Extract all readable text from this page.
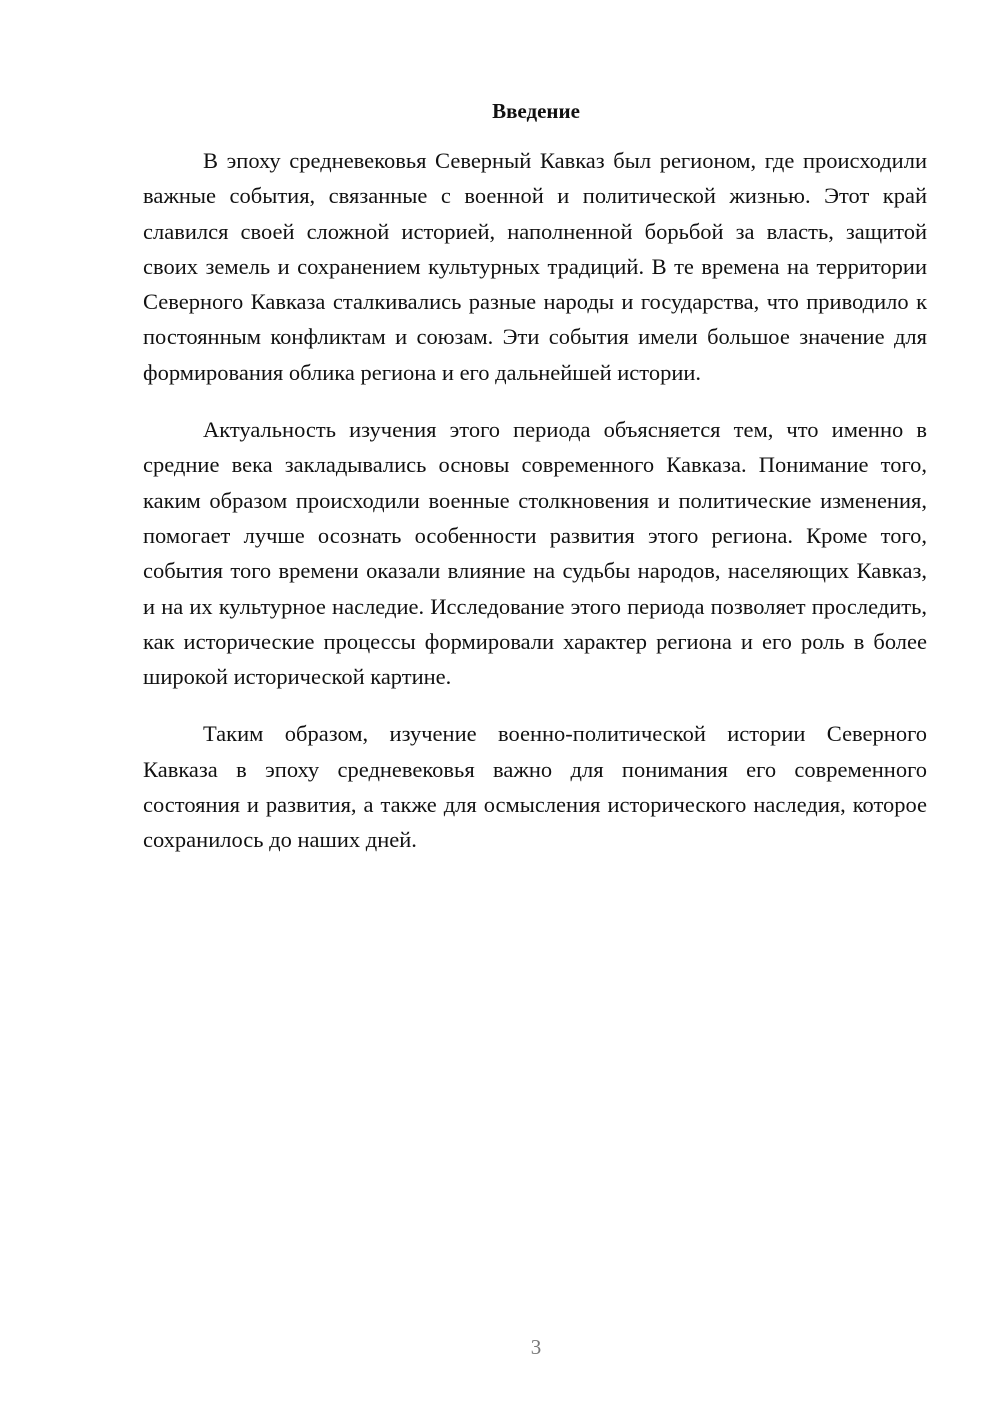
Введение

В эпоху средневековья Северный Кавказ был регионом, где происходили важные события, связанные с военной и политической жизнью. Этот край славился своей сложной историей, наполненной борьбой за власть, защитой своих земель и сохранением культурных традиций. В те времена на территории Северного Кавказа сталкивались разные народы и государства, что приводило к постоянным конфликтам и союзам. Эти события имели большое значение для формирования облика региона и его дальнейшей истории.

Актуальность изучения этого периода объясняется тем, что именно в средние века закладывались основы современного Кавказа. Понимание того, каким образом происходили военные столкновения и политические изменения, помогает лучше осознать особенности развития этого региона. Кроме того, события того времени оказали влияние на судьбы народов, населяющих Кавказ, и на их культурное наследие. Исследование этого периода позволяет проследить, как исторические процессы формировали характер региона и его роль в более широкой исторической картине.

Таким образом, изучение военно-политической истории Северного Кавказа в эпоху средневековья важно для понимания его современного состояния и развития, а также для осмысления исторического наследия, которое сохранилось до наших дней.

3
